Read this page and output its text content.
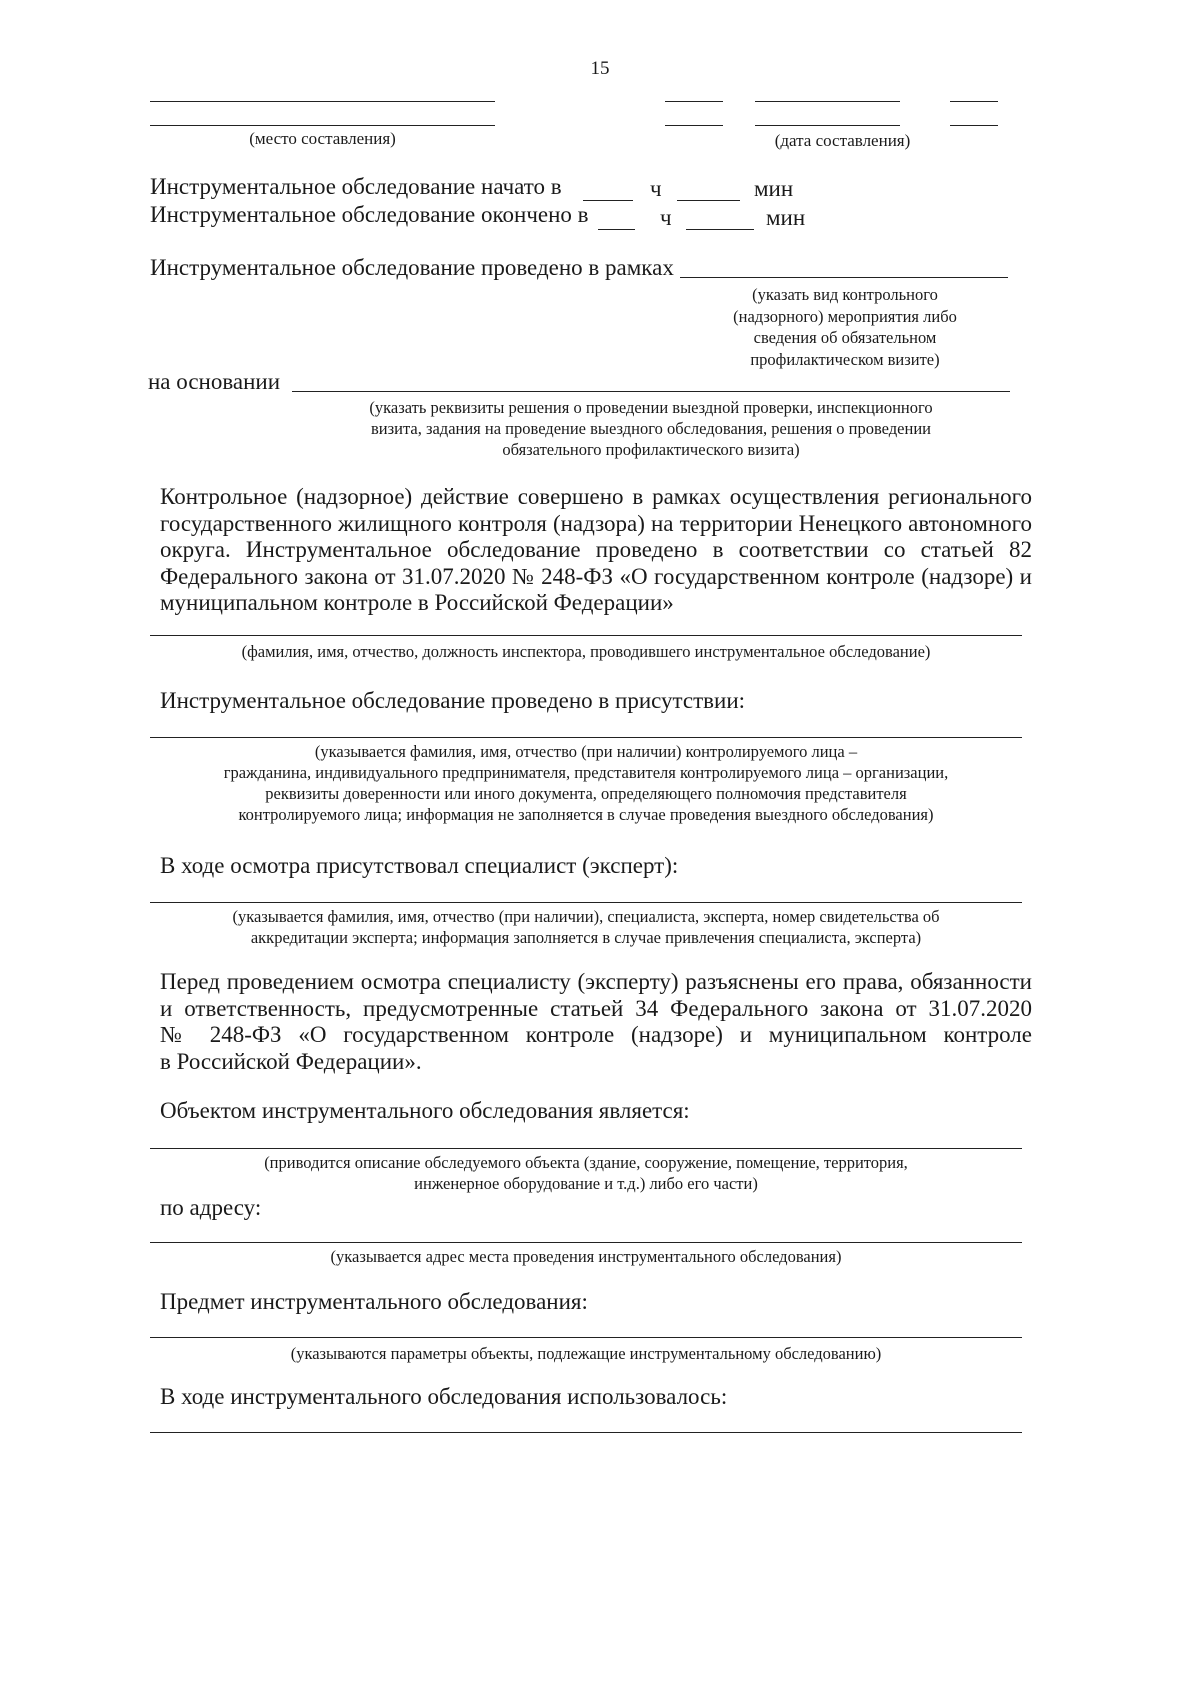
15
(место составления)	(дата составления)
Инструментальное обследование начато в	ч	мин
Инструментальное обследование окончено в	ч	мин
Инструментальное обследование проведено в рамках
(указать вид контрольного
(надзорного) мероприятия либо
сведения об обязательном
профилактическом визите)
на основании
(указать реквизиты решения о проведении выездной проверки, инспекционного
визита, задания на проведение выездного обследования, решения о проведении
обязательного профилактического визита)
Контрольное (надзорное) действие совершено в рамках осуществления регионального
государственного жилищного контроля (надзора) на территории Ненецкого автономного
округа. Инструментальное обследование проведено в соответствии со статьей 82
Федерального закона от 31.07.2020 № 248-ФЗ «О государственном контроле (надзоре) и
муниципальном контроле в Российской Федерации»
(фамилия, имя, отчество, должность инспектора, проводившего инструментальное обследование)
Инструментальное обследование проведено в присутствии:
(указывается фамилия, имя, отчество (при наличии) контролируемого лица –
гражданина, индивидуального предпринимателя, представителя контролируемого лица – организации,
реквизиты доверенности или иного документа, определяющего полномочия представителя
контролируемого лица; информация не заполняется в случае проведения выездного обследования)
В ходе осмотра присутствовал специалист (эксперт):
(указывается фамилия, имя, отчество (при наличии), специалиста, эксперта, номер свидетельства об
аккредитации эксперта; информация заполняется в случае привлечения специалиста, эксперта)
Перед проведением осмотра специалисту (эксперту) разъяснены его права, обязанности
и ответственность, предусмотренные статьей 34 Федерального закона от 31.07.2020
№ 248-ФЗ «О государственном контроле (надзоре) и муниципальном контроле
в Российской Федерации».
Объектом инструментального обследования является:
(приводится описание обследуемого объекта (здание, сооружение, помещение, территория,
инженерное оборудование и т.д.) либо его части)
по адресу:
(указывается адрес места проведения инструментального обследования)
Предмет инструментального обследования:
(указываются параметры объекты, подлежащие инструментальному обследованию)
В ходе инструментального обследования использовалось:
